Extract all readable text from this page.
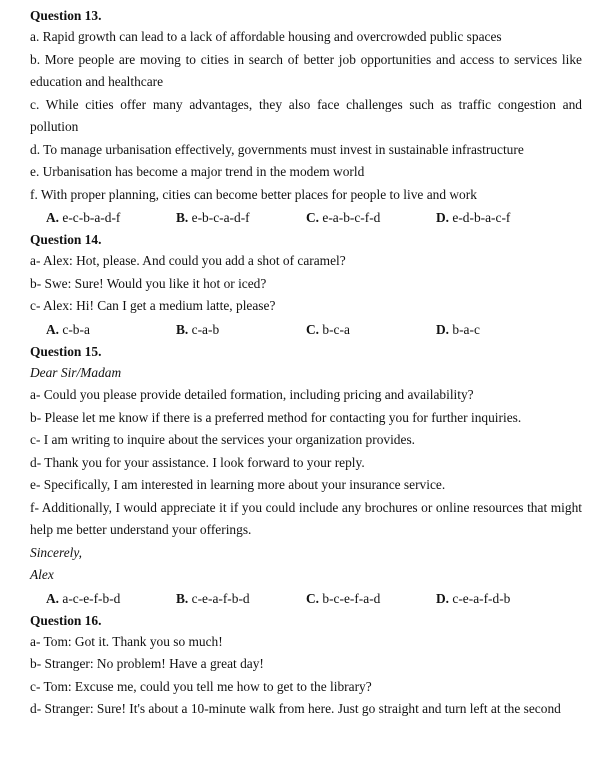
Question 13.

a. Rapid growth can lead to a lack of affordable housing and overcrowded public spaces

b. More people are moving to cities in search of better job opportunities and access to services like education and healthcare

c. While cities offer many advantages, they also face challenges such as traffic congestion and pollution

d. To manage urbanisation effectively, governments must invest in sustainable infrastructure

e. Urbanisation has become a major trend in the modem world

f. With proper planning, cities can become better places for people to live and work

A. e-c-b-a-d-f	B. e-b-c-a-d-f	C. e-a-b-c-f-d	D. e-d-b-a-c-f

Question 14.

a- Alex: Hot, please. And could you add a shot of caramel?

b- Swe: Sure! Would you like it hot or iced?

c- Alex: Hi! Can I get a medium latte, please?

A. c-b-a	B. c-a-b	C. b-c-a	D. b-a-c

Question 15.

Dear Sir/Madam

a- Could you please provide detailed formation, including pricing and availability?

b- Please let me know if there is a preferred method for contacting you for further inquiries.

c- I am writing to inquire about the services your organization provides.

d- Thank you for your assistance. I look forward to your reply.

e- Specifically, I am interested in learning more about your insurance service.

f- Additionally, I would appreciate it if you could include any brochures or online resources that might help me better understand your offerings.

Sincerely,

Alex

A. a-c-e-f-b-d	B. c-e-a-f-b-d	C. b-c-e-f-a-d	D. c-e-a-f-d-b

Question 16.

a- Tom: Got it. Thank you so much!

b- Stranger: No problem! Have a great day!

c- Tom: Excuse me, could you tell me how to get to the library?

d- Stranger: Sure! It's about a 10-minute walk from here. Just go straight and turn left at the second
